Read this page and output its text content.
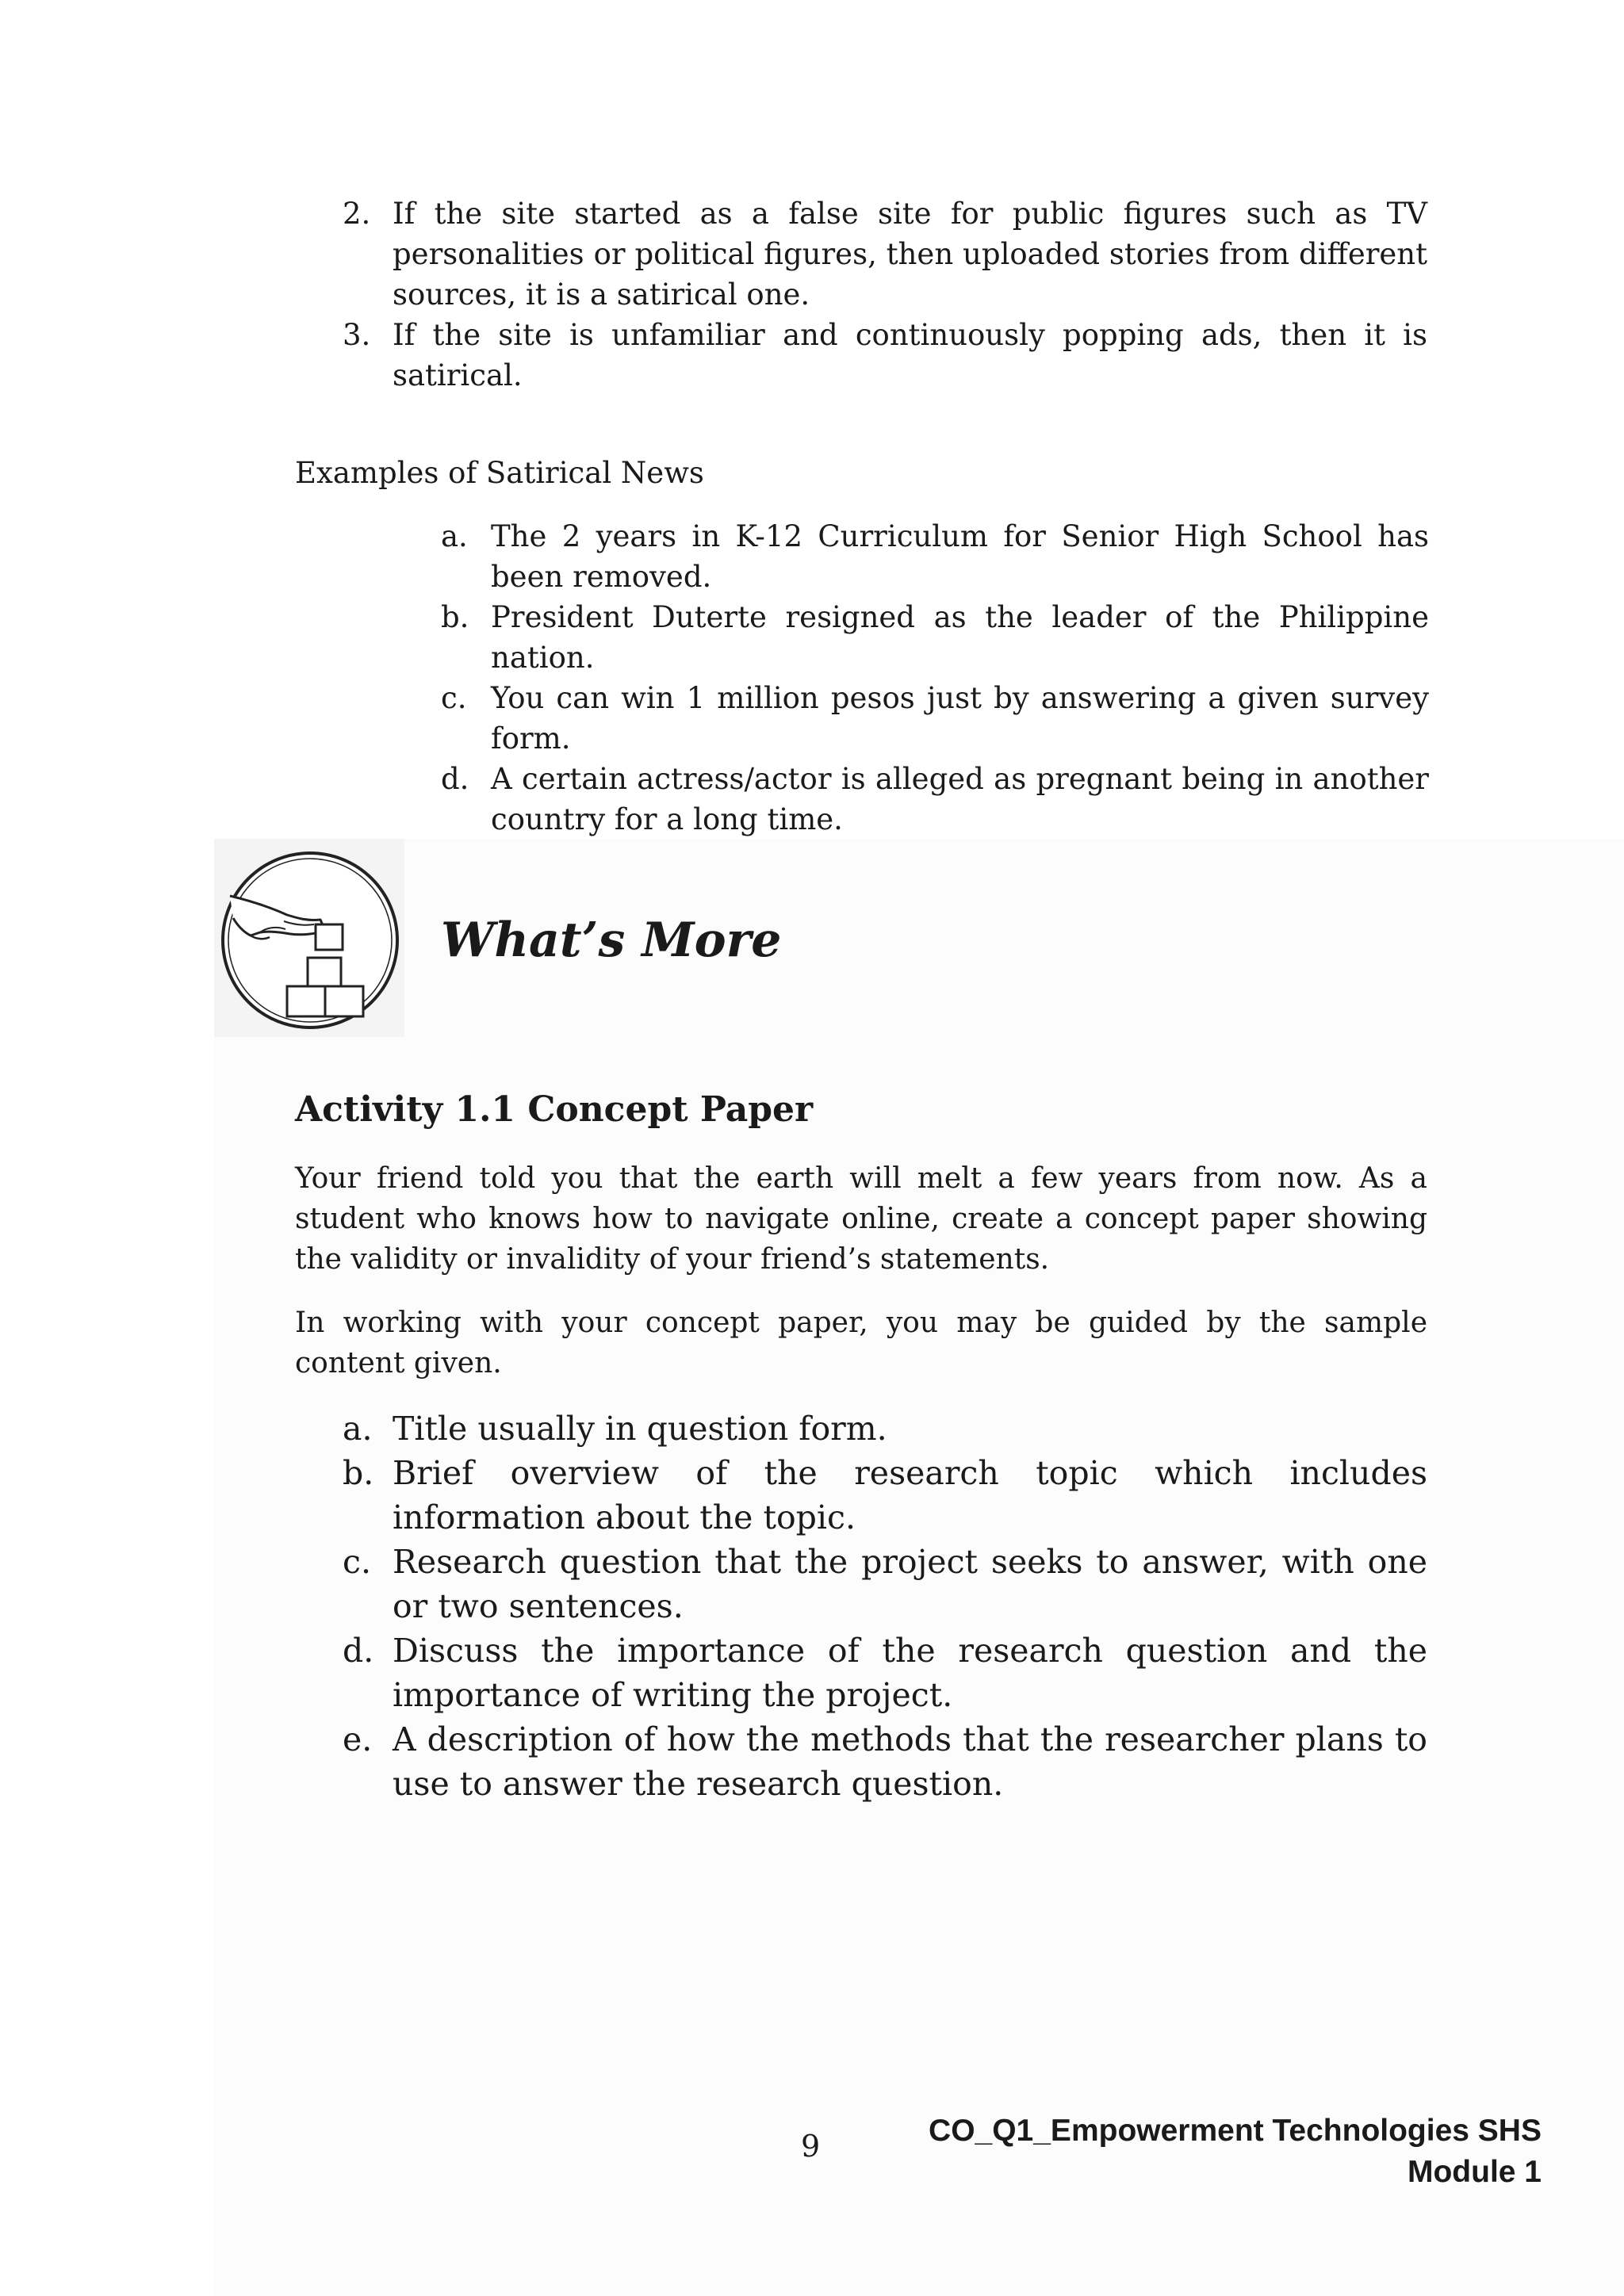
2. If the site started as a false site for public figures such as TV personalities or political figures, then uploaded stories from different sources, it is a satirical one.
3. If the site is unfamiliar and continuously popping ads, then it is satirical.

Examples of Satirical News

a. The 2 years in K-12 Curriculum for Senior High School has been removed.
b. President Duterte resigned as the leader of the Philippine nation.
c. You can win 1 million pesos just by answering a given survey form.
d. A certain actress/actor is alleged as pregnant being in another country for a long time.
What’s More
Activity 1.1 Concept Paper

Your friend told you that the earth will melt a few years from now. As a student who knows how to navigate online, create a concept paper showing the validity or invalidity of your friend’s statements.

In working with your concept paper, you may be guided by the sample content given.

a. Title usually in question form.
b. Brief overview of the research topic which includes information about the topic.
c. Research question that the project seeks to answer, with one or two sentences.
d. Discuss the importance of the research question and the importance of writing the project.
e. A description of how the methods that the researcher plans to use to answer the research question.

9	CO_Q1_Empowerment Technologies SHS
Module 1
